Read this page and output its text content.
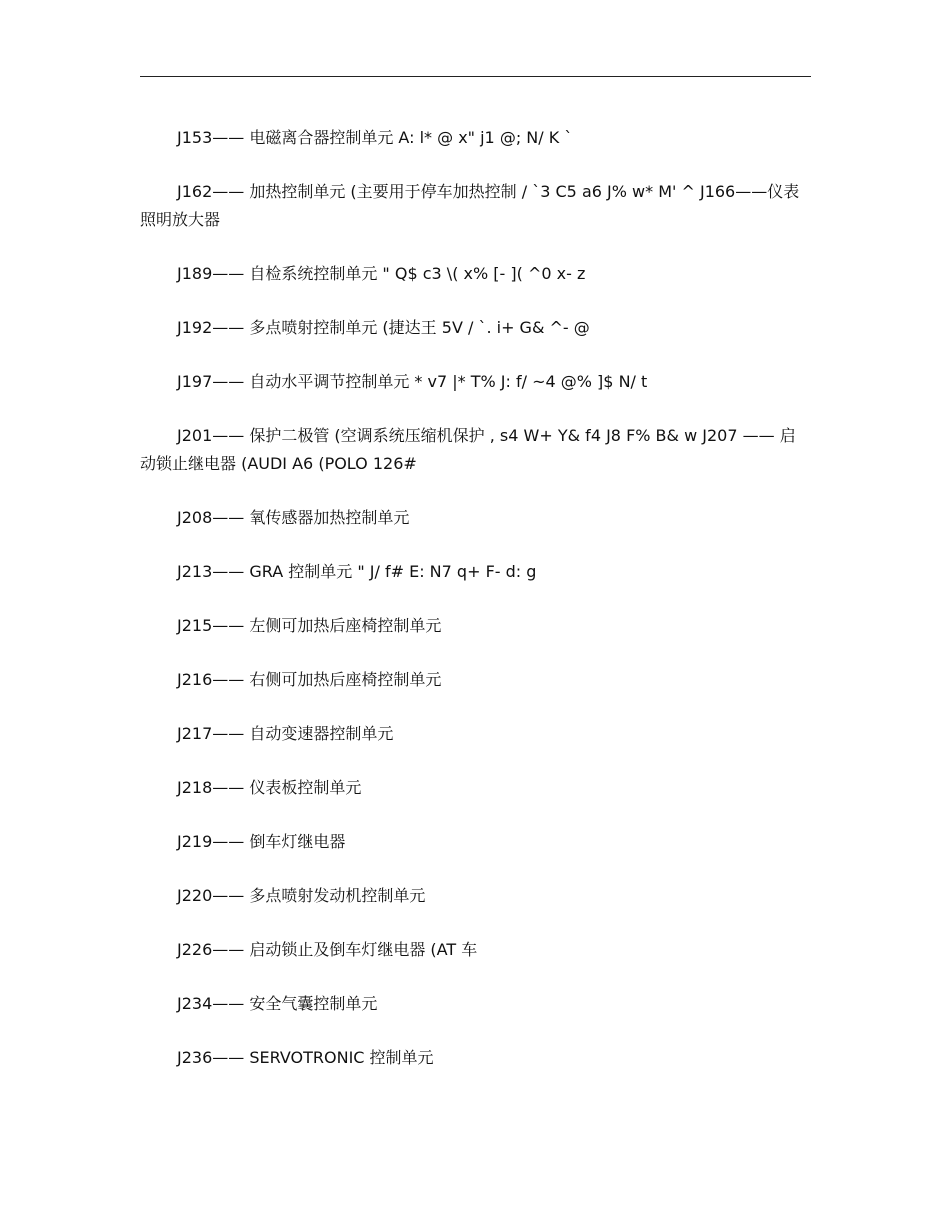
J153—— 电磁离合器控制单元 A: l* @ x" j1 @; N/ K `

J162—— 加热控制单元 (主要用于停车加热控制 / `3 C5 a6 J% w* M' ^ J166——仪表照明放大器

J189—— 自检系统控制单元 " Q$ c3 \( x% [- ]( ^0 x- z

J192—— 多点喷射控制单元 (捷达王 5V / `. i+ G& ^- @

J197—— 自动水平调节控制单元 * v7 |* T% J: f/ ~4 @% ]$ N/ t

J201—— 保护二极管 (空调系统压缩机保护 , s4 W+ Y& f4 J8 F% B& w J207 —— 启动锁止继电器 (AUDI A6 (POLO 126#

J208—— 氧传感器加热控制单元

J213—— GRA 控制单元 " J/ f# E: N7 q+ F- d: g

J215—— 左侧可加热后座椅控制单元

J216—— 右侧可加热后座椅控制单元

J217—— 自动变速器控制单元

J218—— 仪表板控制单元

J219—— 倒车灯继电器

J220—— 多点喷射发动机控制单元

J226—— 启动锁止及倒车灯继电器 (AT 车

J234—— 安全气囊控制单元

J236—— SERVOTRONIC 控制单元
